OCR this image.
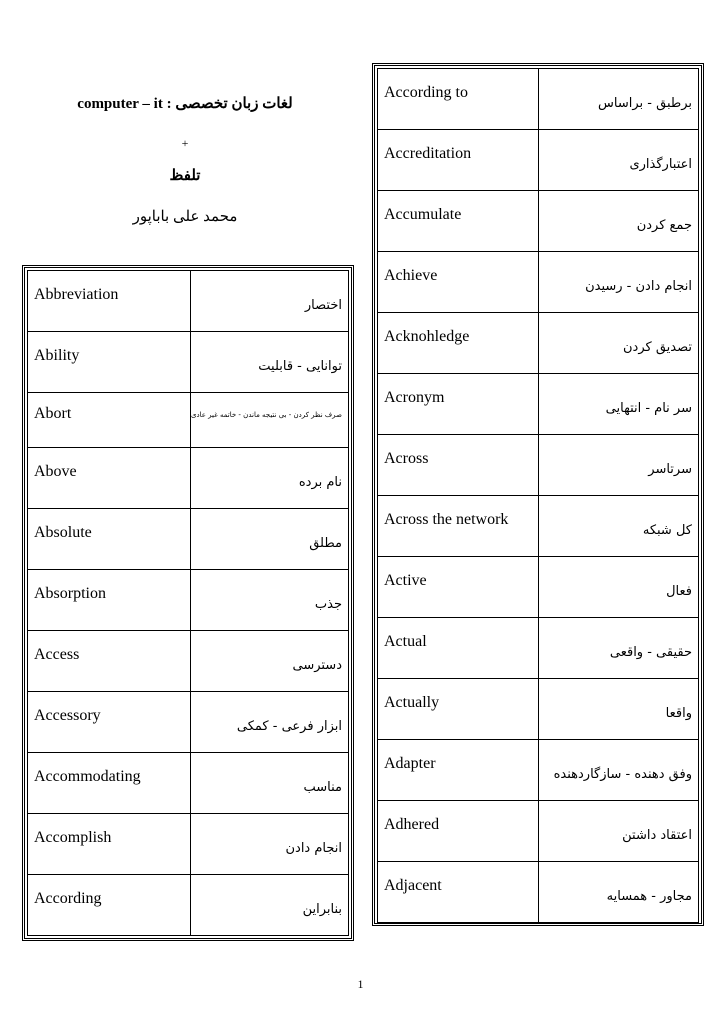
لغات زبان تخصصی : computer – it
+
تلفظ
محمد علی باباپور
Abbreviation	اختصار
Ability	توانایی - قابلیت
Abort	صرف نظر کردن - بی نتیجه ماندن - خاتمه غیر عادی
Above	نام برده
Absolute	مطلق
Absorption	جذب
Access	دسترسی
Accessory	ابزار فرعی - کمکی
Accommodating	مناسب
Accomplish	انجام دادن
According	بنابراین
According to	برطبق - براساس
Accreditation	اعتبارگذاری
Accumulate	جمع کردن
Achieve	انجام دادن - رسیدن
Acknohledge	تصدیق کردن
Acronym	سر نام - انتهایی
Across	سرتاسر
Across the network	کل شبکه
Active	فعال
Actual	حقیقی - واقعی
Actually	واقعا
Adapter	وفق دهنده - سازگاردهنده
Adhered	اعتقاد داشتن
Adjacent	مجاور - همسایه
1
